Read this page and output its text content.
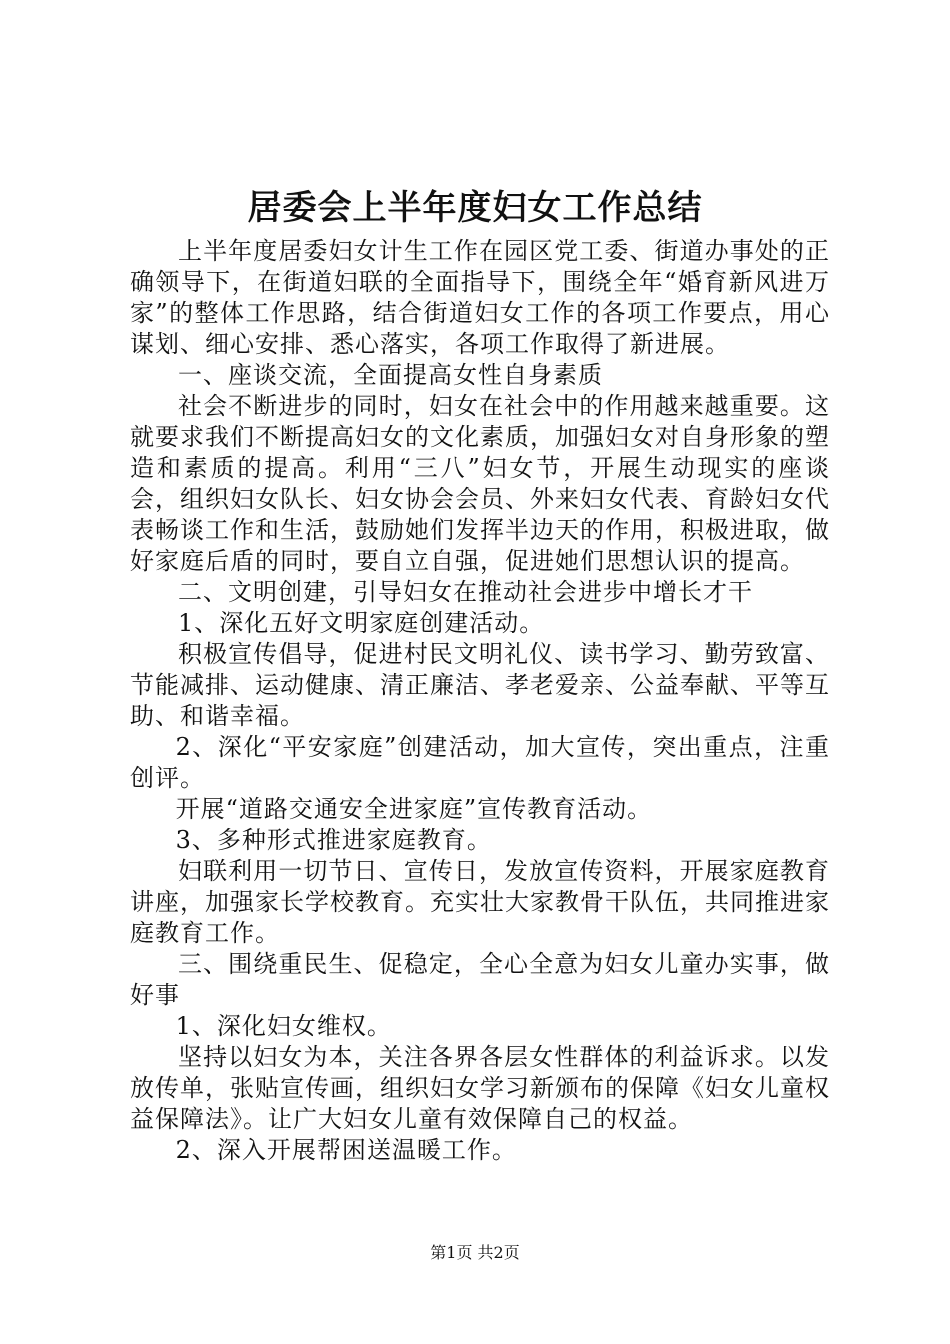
居委会上半年度妇女工作总结

上半年度居委妇女计生工作在园区党工委、街道办事处的正确领导下，在街道妇联的全面指导下，围绕全年“婚育新风进万家”的整体工作思路，结合街道妇女工作的各项工作要点，用心谋划、细心安排、悉心落实，各项工作取得了新进展。

一、座谈交流，全面提高女性自身素质

社会不断进步的同时，妇女在社会中的作用越来越重要。这就要求我们不断提高妇女的文化素质，加强妇女对自身形象的塑造和素质的提高。利用“三八”妇女节，开展生动现实的座谈会，组织妇女队长、妇女协会会员、外来妇女代表、育龄妇女代表畅谈工作和生活，鼓励她们发挥半边天的作用，积极进取，做好家庭后盾的同时，要自立自强，促进她们思想认识的提高。

二、文明创建，引导妇女在推动社会进步中增长才干

1、深化五好文明家庭创建活动。

积极宣传倡导，促进村民文明礼仪、读书学习、勤劳致富、节能减排、运动健康、清正廉洁、孝老爱亲、公益奉献、平等互助、和谐幸福。

2、深化“平安家庭”创建活动，加大宣传，突出重点，注重创评。

开展“道路交通安全进家庭”宣传教育活动。

3、多种形式推进家庭教育。

妇联利用一切节日、宣传日，发放宣传资料，开展家庭教育讲座，加强家长学校教育。充实壮大家教骨干队伍，共同推进家庭教育工作。

三、围绕重民生、促稳定，全心全意为妇女儿童办实事，做好事

1、深化妇女维权。

坚持以妇女为本，关注各界各层女性群体的利益诉求。以发放传单，张贴宣传画，组织妇女学习新颁布的保障《妇女儿童权益保障法》。让广大妇女儿童有效保障自己的权益。

2、深入开展帮困送温暖工作。

第1页 共2页
